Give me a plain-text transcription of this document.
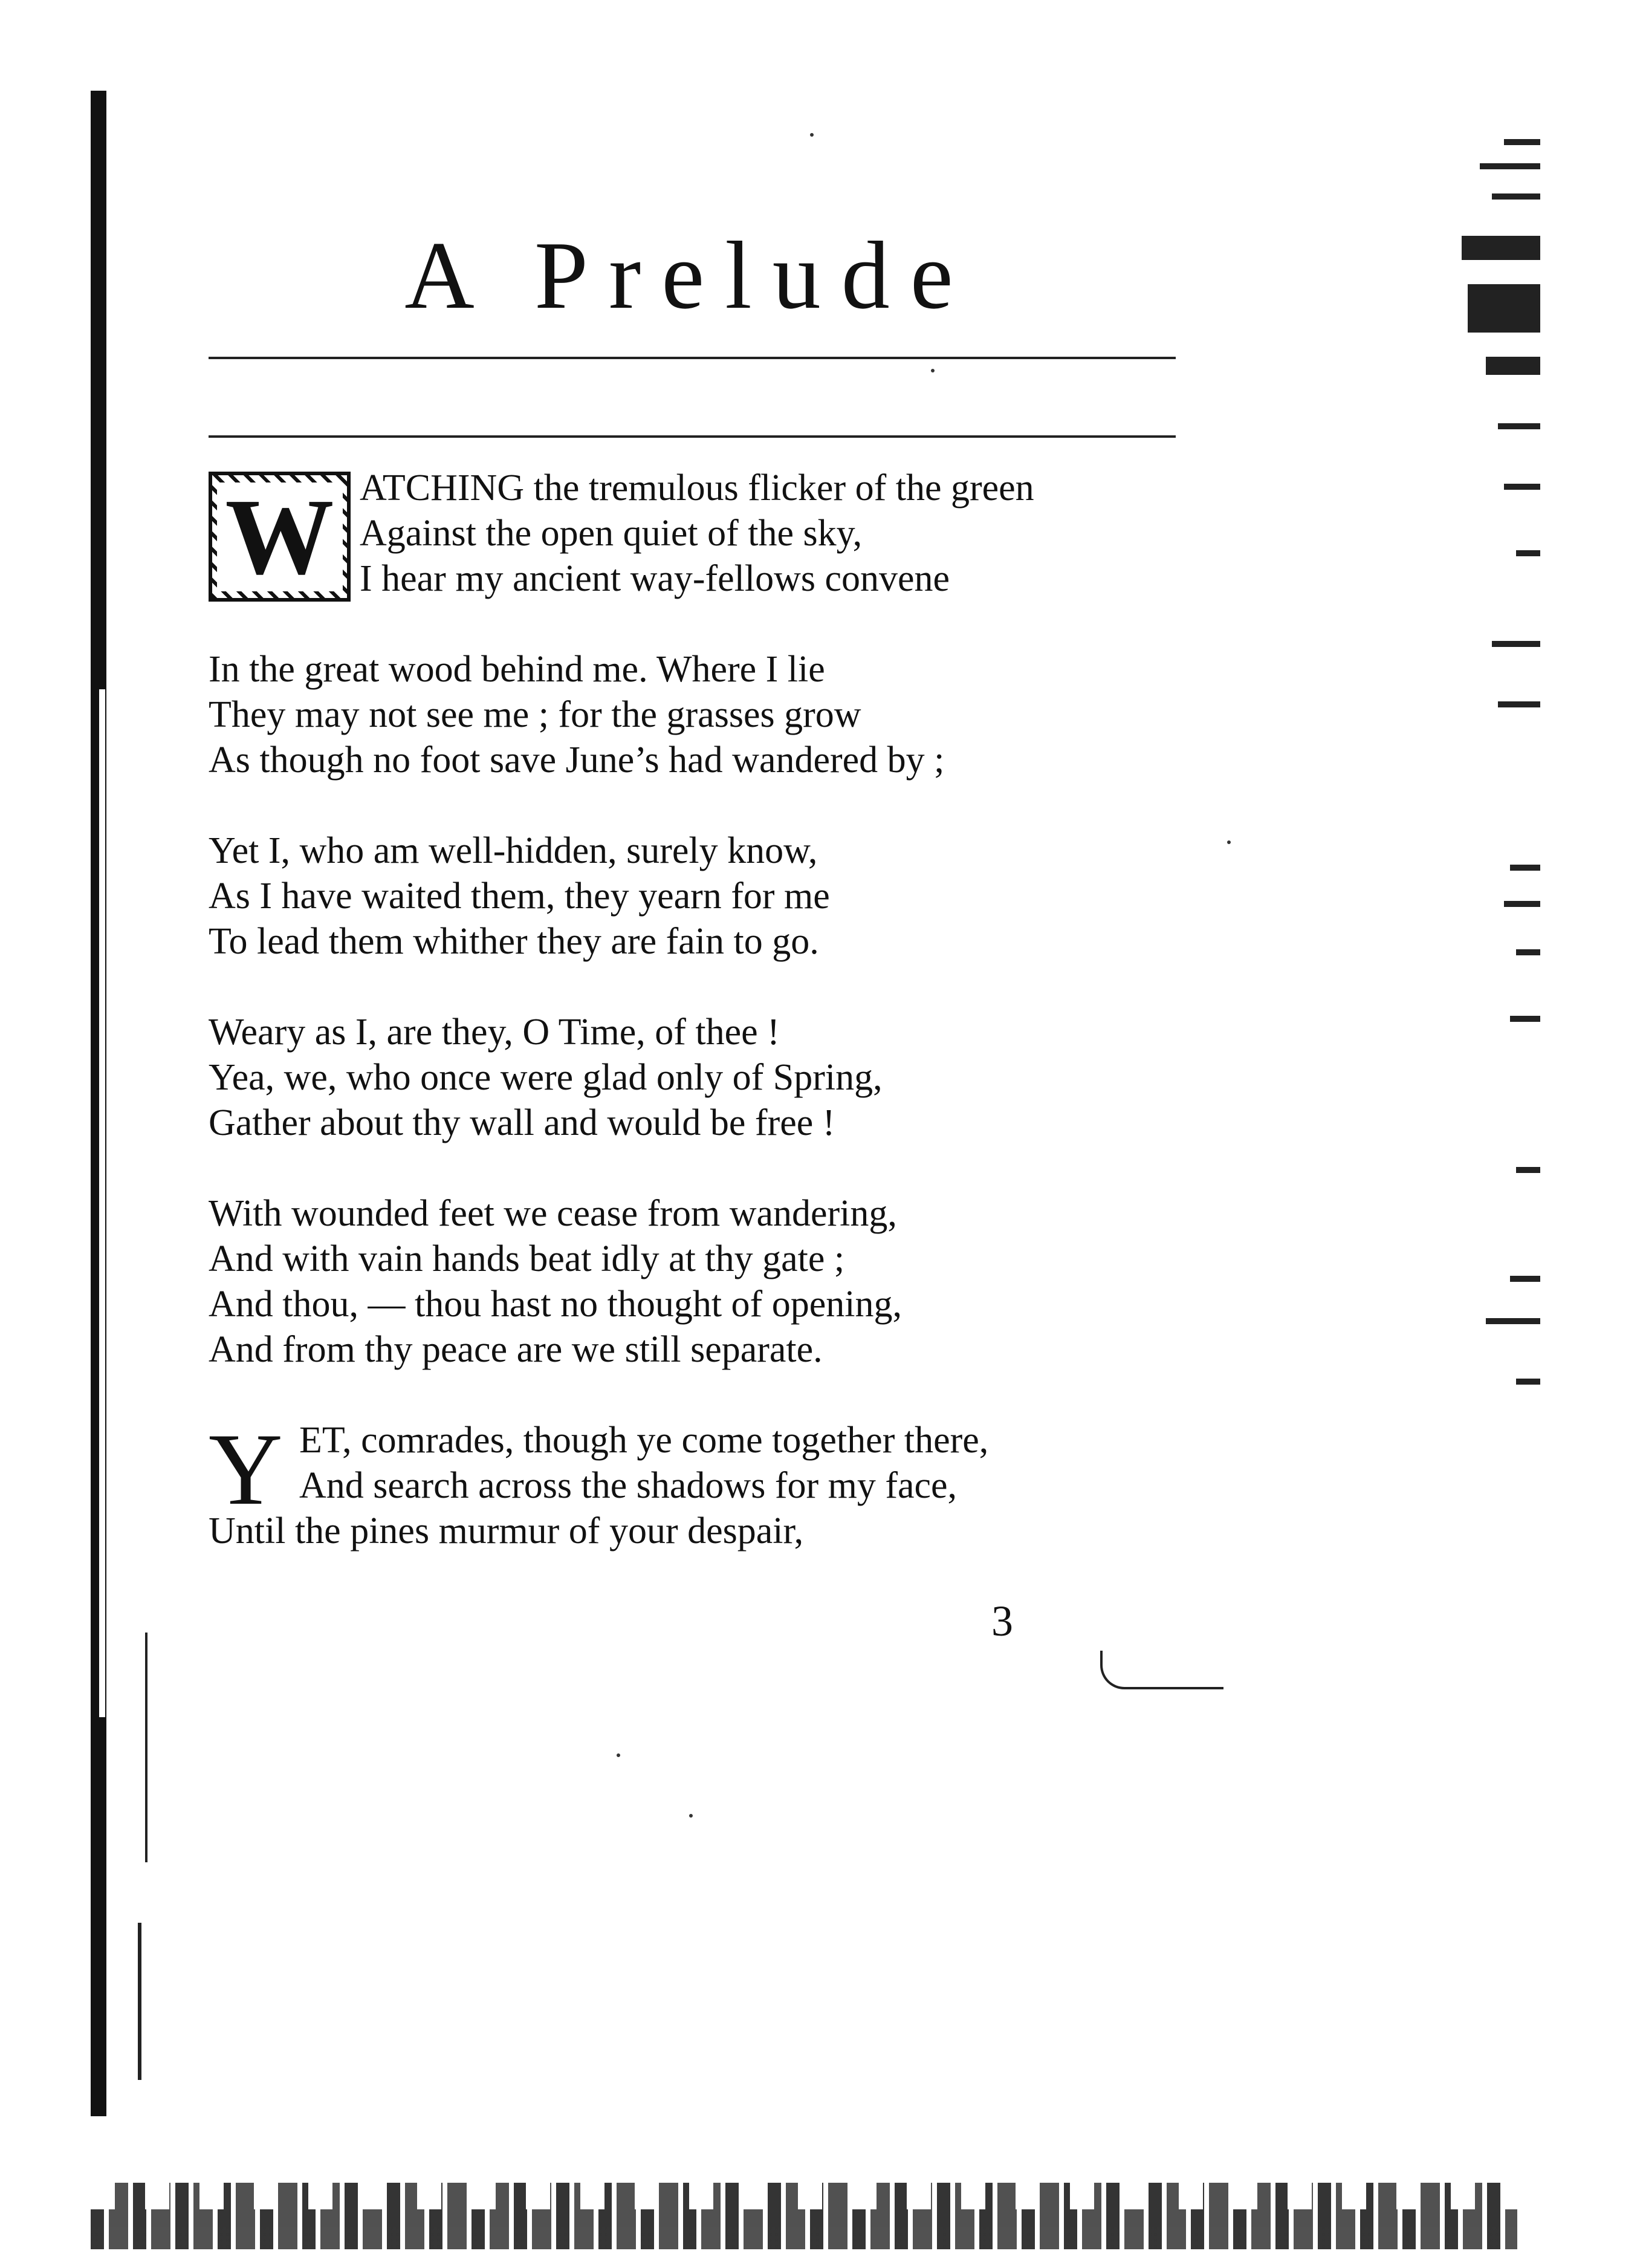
A Prelude
W ATCHING the tremulous flicker of the green
Against the open quiet of the sky,
I hear my ancient way-fellows convene
In the great wood behind me. Where I lie
They may not see me ; for the grasses grow
As though no foot save June’s had wandered by ;
Yet I, who am well-hidden, surely know,
As I have waited them, they yearn for me
To lead them whither they are fain to go.
Weary as I, are they, O Time, of thee !
Yea, we, who once were glad only of Spring,
Gather about thy wall and would be free !
With wounded feet we cease from wandering,
And with vain hands beat idly at thy gate ;
And thou, — thou hast no thought of opening,
And from thy peace are we still separate.
Y ET, comrades, though ye come together there,
And search across the shadows for my face,
Until the pines murmur of your despair,
3
